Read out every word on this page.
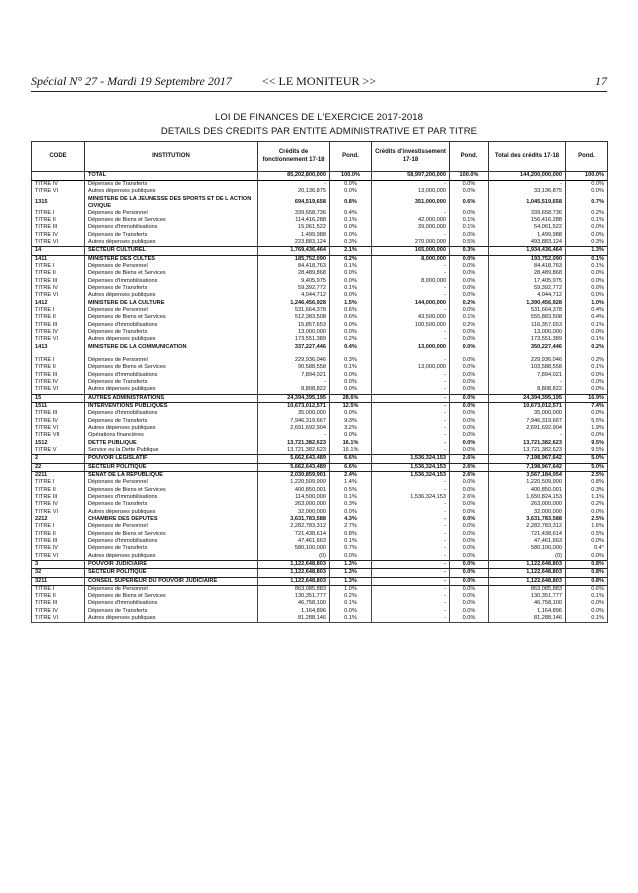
Spécial N° 27 - Mardi 19 Septembre 2017	<< LE MONITEUR >>	17
LOI DE FINANCES DE L'EXERCICE 2017-2018
DETAILS DES CREDITS PAR ENTITE ADMINISTRATIVE ET PAR TITRE
CODE	INSTITUTION	Crédits de fonctionnement 17-18	Pond.	Crédits d'investissement 17-18	Pond.	Total des crédits 17-18	Pond.
	TOTAL	85,202,800,000	100.0%	58,997,200,000	100.0%	144,200,000,000	100.0%
TITRE IV	Dépenses de Transferts	-	0.0%	-	0.0%	-	0.0%
TITRE VI	Autres dépenses publiques	20,136,875	0.0%	13,000,000	0.0%	33,136,875	0.0%
1315	MINISTERE DE LA JEUNESSE DES SPORTS ET DE L ACTION CIVIQUE	694,519,658	0.8%	351,000,000	0.6%	1,045,519,658	0.7%
TITRE I	Dépenses de Personnel	339,658,736	0.4%	-	0.0%	339,658,736	0.2%
TITRE II	Dépenses de Biens et Services	114,416,288	0.1%	42,000,000	0.1%	156,416,288	0.1%
TITRE III	Dépenses d'Immobilisations	15,061,522	0.0%	39,000,000	0.1%	54,061,522	0.0%
TITRE IV	Dépenses de Transferts	1,499,988	0.0%	-	0.0%	1,499,988	0.0%
TITRE VI	Autres dépenses publiques	223,883,124	0.3%	270,000,000	0.5%	493,883,124	0.3%
14	SECTEUR CULTUREL	1,769,436,464	2.1%	165,000,000	0.3%	1,934,436,464	1.3%
1411	MINISTERE DES CULTES	185,752,090	0.2%	8,000,000	0.0%	193,752,090	0.1%
TITRE I	Dépenses de Personnel	84,418,763	0.1%	-	0.0%	84,418,763	0.1%
TITRE II	Dépenses de Biens et Services	28,489,868	0.0%	-	0.0%	28,489,868	0.0%
TITRE III	Dépenses d'Immobilisations	9,405,975	0.0%	8,000,000	0.0%	17,405,975	0.0%
TITRE IV	Dépenses de Transferts	59,392,772	0.1%	-	0.0%	59,392,772	0.0%
TITRE VI	Autres dépenses publiques	4,044,712	0.0%	-	0.0%	4,044,712	0.0%
1412	MINISTERE DE LA CULTURE	1,246,456,928	1.5%	144,000,000	0.2%	1,390,456,928	1.0%
TITRE I	Dépenses de Personnel	531,664,378	0.6%	-	0.0%	531,664,378	0.4%
TITRE II	Dépenses de Biens et Services	512,383,508	0.6%	43,500,000	0.1%	555,883,508	0.4%
TITRE III	Dépenses d'Immobilisations	15,857,653	0.0%	100,500,000	0.2%	116,357,653	0.1%
TITRE IV	Dépenses de Transferts	13,000,000	0.0%	-	0.0%	13,000,000	0.0%
TITRE VI	Autres dépenses publiques	173,551,389	0.2%	-	0.0%	173,551,389	0.1%
1413	MINISTERE DE LA COMMUNICATION	337,227,446	0.4%	13,000,000	0.0%	350,227,446	0.2%

TITRE I	Dépenses de Personnel	229,936,046	0.3%	-	0.0%	229,936,046	0.2%
TITRE II	Dépenses de Biens et Services	90,588,558	0.1%	13,000,000	0.0%	103,588,558	0.1%
TITRE III	Dépenses d'Immobilisations	7,894,021	0.0%	-	0.0%	7,894,021	0.0%
TITRE IV	Dépenses de Transferts	-	0.0%	-	0.0%	-	0.0%
TITRE VI	Autres dépenses publiques	8,808,822	0.0%	-	0.0%	8,808,822	0.0%
15	AUTRES ADMINISTRATIONS	24,394,395,195	28.6%	-	0.0%	24,394,395,195	16.9%
1511	INTERVENTIONS PUBLIQUES	10,673,012,571	12.5%	-	0.0%	10,673,012,571	7.4%
TITRE III	Dépenses d'Immobilisations	35,000,000	0.0%	-	0.0%	35,000,000	0.0%
TITRE IV	Dépenses de Transferts	7,946,319,667	9.3%	-	0.0%	7,946,319,667	5.5%
TITRE VI	Autres dépenses publiques	2,691,692,904	3.2%	-	0.0%	2,691,692,904	1.9%
TITRE VII	Opérations financières	-	0.0%	-	0.0%	-	0.0%
1512	DETTE PUBLIQUE	13,721,382,623	16.1%	-	0.0%	13,721,382,623	9.5%
TITRE V	Service ou la Dette Publique	13,721,382,623	16.1%	-	0.0%	13,721,382,623	9.5%
2	POUVOIR LEGISLATIF	5,662,643,489	6.6%	1,536,324,153	2.6%	7,198,967,642	5.0%
22	SECTEUR POLITIQUE	5,662,643,489	6.6%	1,536,324,153	2.6%	7,198,967,642	5.0%
2211	SENAT DE LA REPUBLIQUE	2,030,859,901	2.4%	1,536,324,153	2.6%	3,567,184,054	2.5%
TITRE I	Dépenses de Personnel	1,220,509,900	1.4%	-	0.0%	1,220,509,900	0.8%
TITRE II	Dépenses de Biens et Services	400,850,001	0.5%	-	0.0%	400,850,001	0.3%
TITRE III	Dépenses d'Immobilisations	114,500,000	0.1%	1,536,324,153	2.6%	1,650,824,153	1.1%
TITRE IV	Dépenses de Transferts	263,000,000	0.3%	-	0.0%	263,000,000	0.2%
TITRE VI	Autres dépenses publiques	32,000,000	0.0%	-	0.0%	32,000,000	0.0%
2212	CHAMBRE DES DEPUTES	3,631,783,588	4.3%	-	0.0%	3,631,783,588	2.5%
TITRE I	Dépenses de Personnel	2,282,783,312	2.7%	-	0.0%	2,282,783,312	1.6%
TITRE II	Dépenses de Biens et Services	721,438,614	0.8%	-	0.0%	721,438,614	0.5%
TITRE III	Dépenses d'Immobilisations	47,461,663	0.1%	-	0.0%	47,461,663	0.0%
TITRE IV	Dépenses de Transferts	580,100,000	0.7%	-	0.0%	580,100,000	0.4°
TITRE VI	Autres dépenses publiques	(0)	0.0%	-	0.0%	(0)	0.0%
3	POUVOIR JUDICIAIRE	1,122,648,803	1.3%	-	0.0%	1,122,648,803	0.8%
32	SECTEUR POLITIQUE	1,122,648,803	1.3%	-	0.0%	1,122,648,803	0.8%
3211	CONSEIL SUPERIEUR DU POUVOIR JUDICIAIRE	1,122,648,803	1.3%	-	0.0%	1,122,648,803	0.8%
TITRE I	Dépenses de Personnel	863,085,883	1.0%	-	0.0%	863,085,883	0.6%
TITRE II	Dépenses de Biens et Services	130,351,777	0.2%	-	0.0%	130,351,777	0.1%
TITRE III	Dépenses d'Immobilisations	46,758,100	0.1%	-	0.0%	46,758,100	0.0%
TITRE IV	Dépenses de Transferts	1,164,896	0.0%	-	0.0%	1,164,896	0.0%
TITRE VI	Autres dépenses publiques	81,288,146	0.1%	-	0.0%	81,288,146	0.1%
